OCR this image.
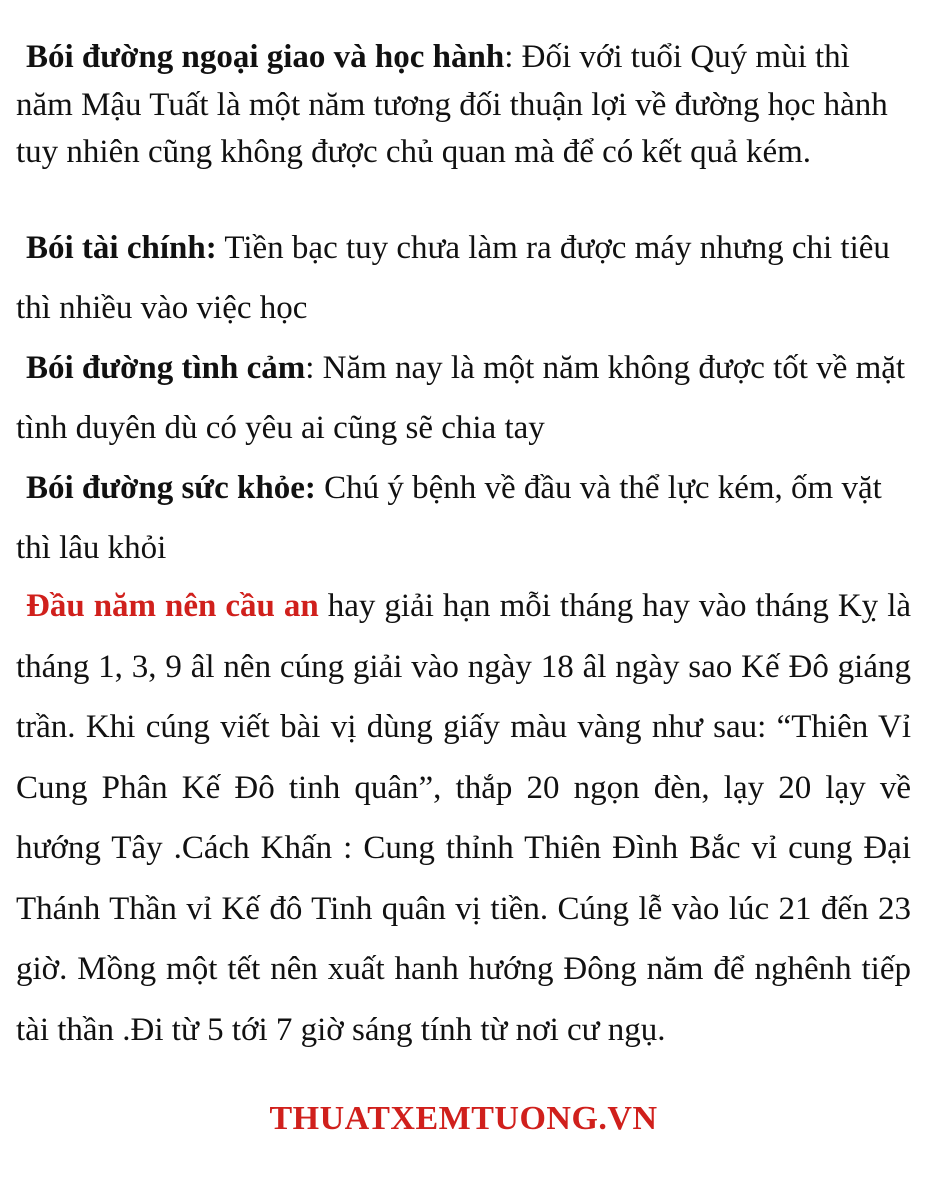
Bói đường ngoại giao và học hành: Đối với tuổi Quý mùi thì năm Mậu Tuất là một năm tương đối thuận lợi về đường học hành tuy nhiên cũng không được chủ quan mà để có kết quả kém.

Bói tài chính: Tiền bạc tuy chưa làm ra được máy nhưng chi tiêu thì nhiều vào việc học

Bói đường tình cảm: Năm nay là một năm không được tốt về mặt tình duyên dù có yêu ai cũng sẽ chia tay

Bói đường sức khỏe: Chú ý bệnh về đầu và thể lực kém, ốm vặt thì lâu khỏi

Đầu năm nên cầu an hay giải hạn mỗi tháng hay vào tháng Kỵ là tháng 1, 3, 9 âl nên cúng giải vào ngày 18 âl ngày sao Kế Đô giáng trần. Khi cúng viết bài vị dùng giấy màu vàng như sau: “Thiên Vỉ Cung Phân Kế Đô tinh quân”, thắp 20 ngọn đèn, lạy 20 lạy về hướng Tây .Cách Khấn : Cung thỉnh Thiên Đình Bắc vỉ cung Đại Thánh Thần vỉ Kế đô Tinh quân vị tiền. Cúng lễ vào lúc 21 đến 23 giờ. Mồng một tết nên xuất hanh hướng Đông năm để nghênh tiếp tài thần .Đi từ 5 tới 7 giờ sáng tính từ nơi cư ngụ.

THUATXEMTUONG.VN
